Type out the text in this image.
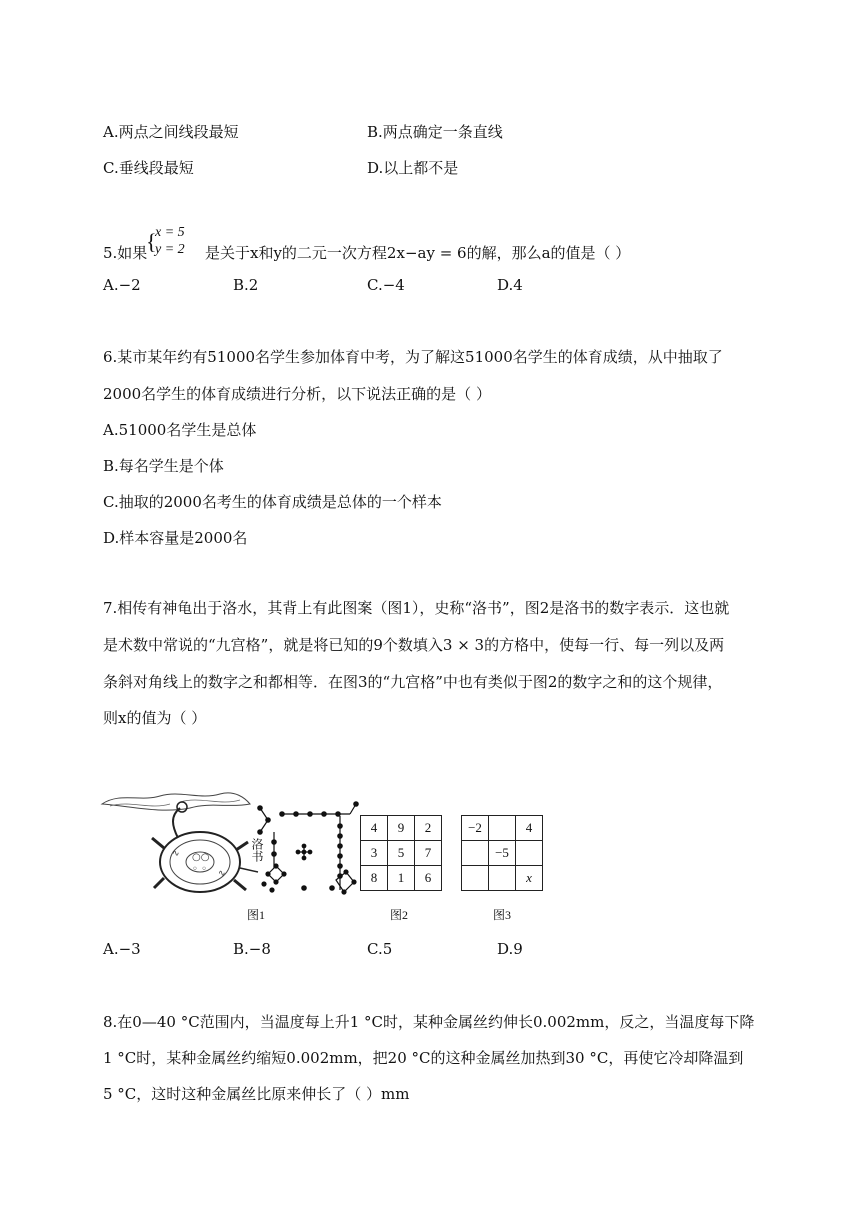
A.两点之间线段最短	B.两点确定一条直线
C.垂线段最短	D.以上都不是
5.如果
{
x = 5
y = 2 是关于x和y的二元一次方程2x−ay = 6的解，那么a的值是（ ）
A.−2	B.2	C.−4	D.4
6.某市某年约有51000名学生参加体育中考，为了解这51000名学生的体育成绩，从中抽取了
2000名学生的体育成绩进行分析，以下说法正确的是（ ）
A.51000名学生是总体
B.每名学生是个体
C.抽取的2000名考生的体育成绩是总体的一个样本
D.样本容量是2000名
7.相传有神龟出于洛水，其背上有此图案（图1），史称“洛书”，图2是洛书的数字表示．这也就
是术数中常说的“九宫格”，就是将已知的9个数填入3 × 3的方格中，使每一行、每一列以及两
条斜对角线上的数字之和都相等．在图3的“九宫格”中也有类似于图2的数字之和的这个规律，
则x的值为（ ）
○○
◦ ◦
∿
∿
洛书
图1
4	9	2
3	5	7
8	1	6
图2
−2		4
	−5	
		x
图3
A.−3	B.−8	C.5	D.9
8.在0—40 °C范围内，当温度每上升1 °C时，某种金属丝约伸长0.002mm，反之，当温度每下降
1 °C时，某种金属丝约缩短0.002mm，把20 °C的这种金属丝加热到30 °C，再使它冷却降温到
5 °C，这时这种金属丝比原来伸长了（ ）mm
